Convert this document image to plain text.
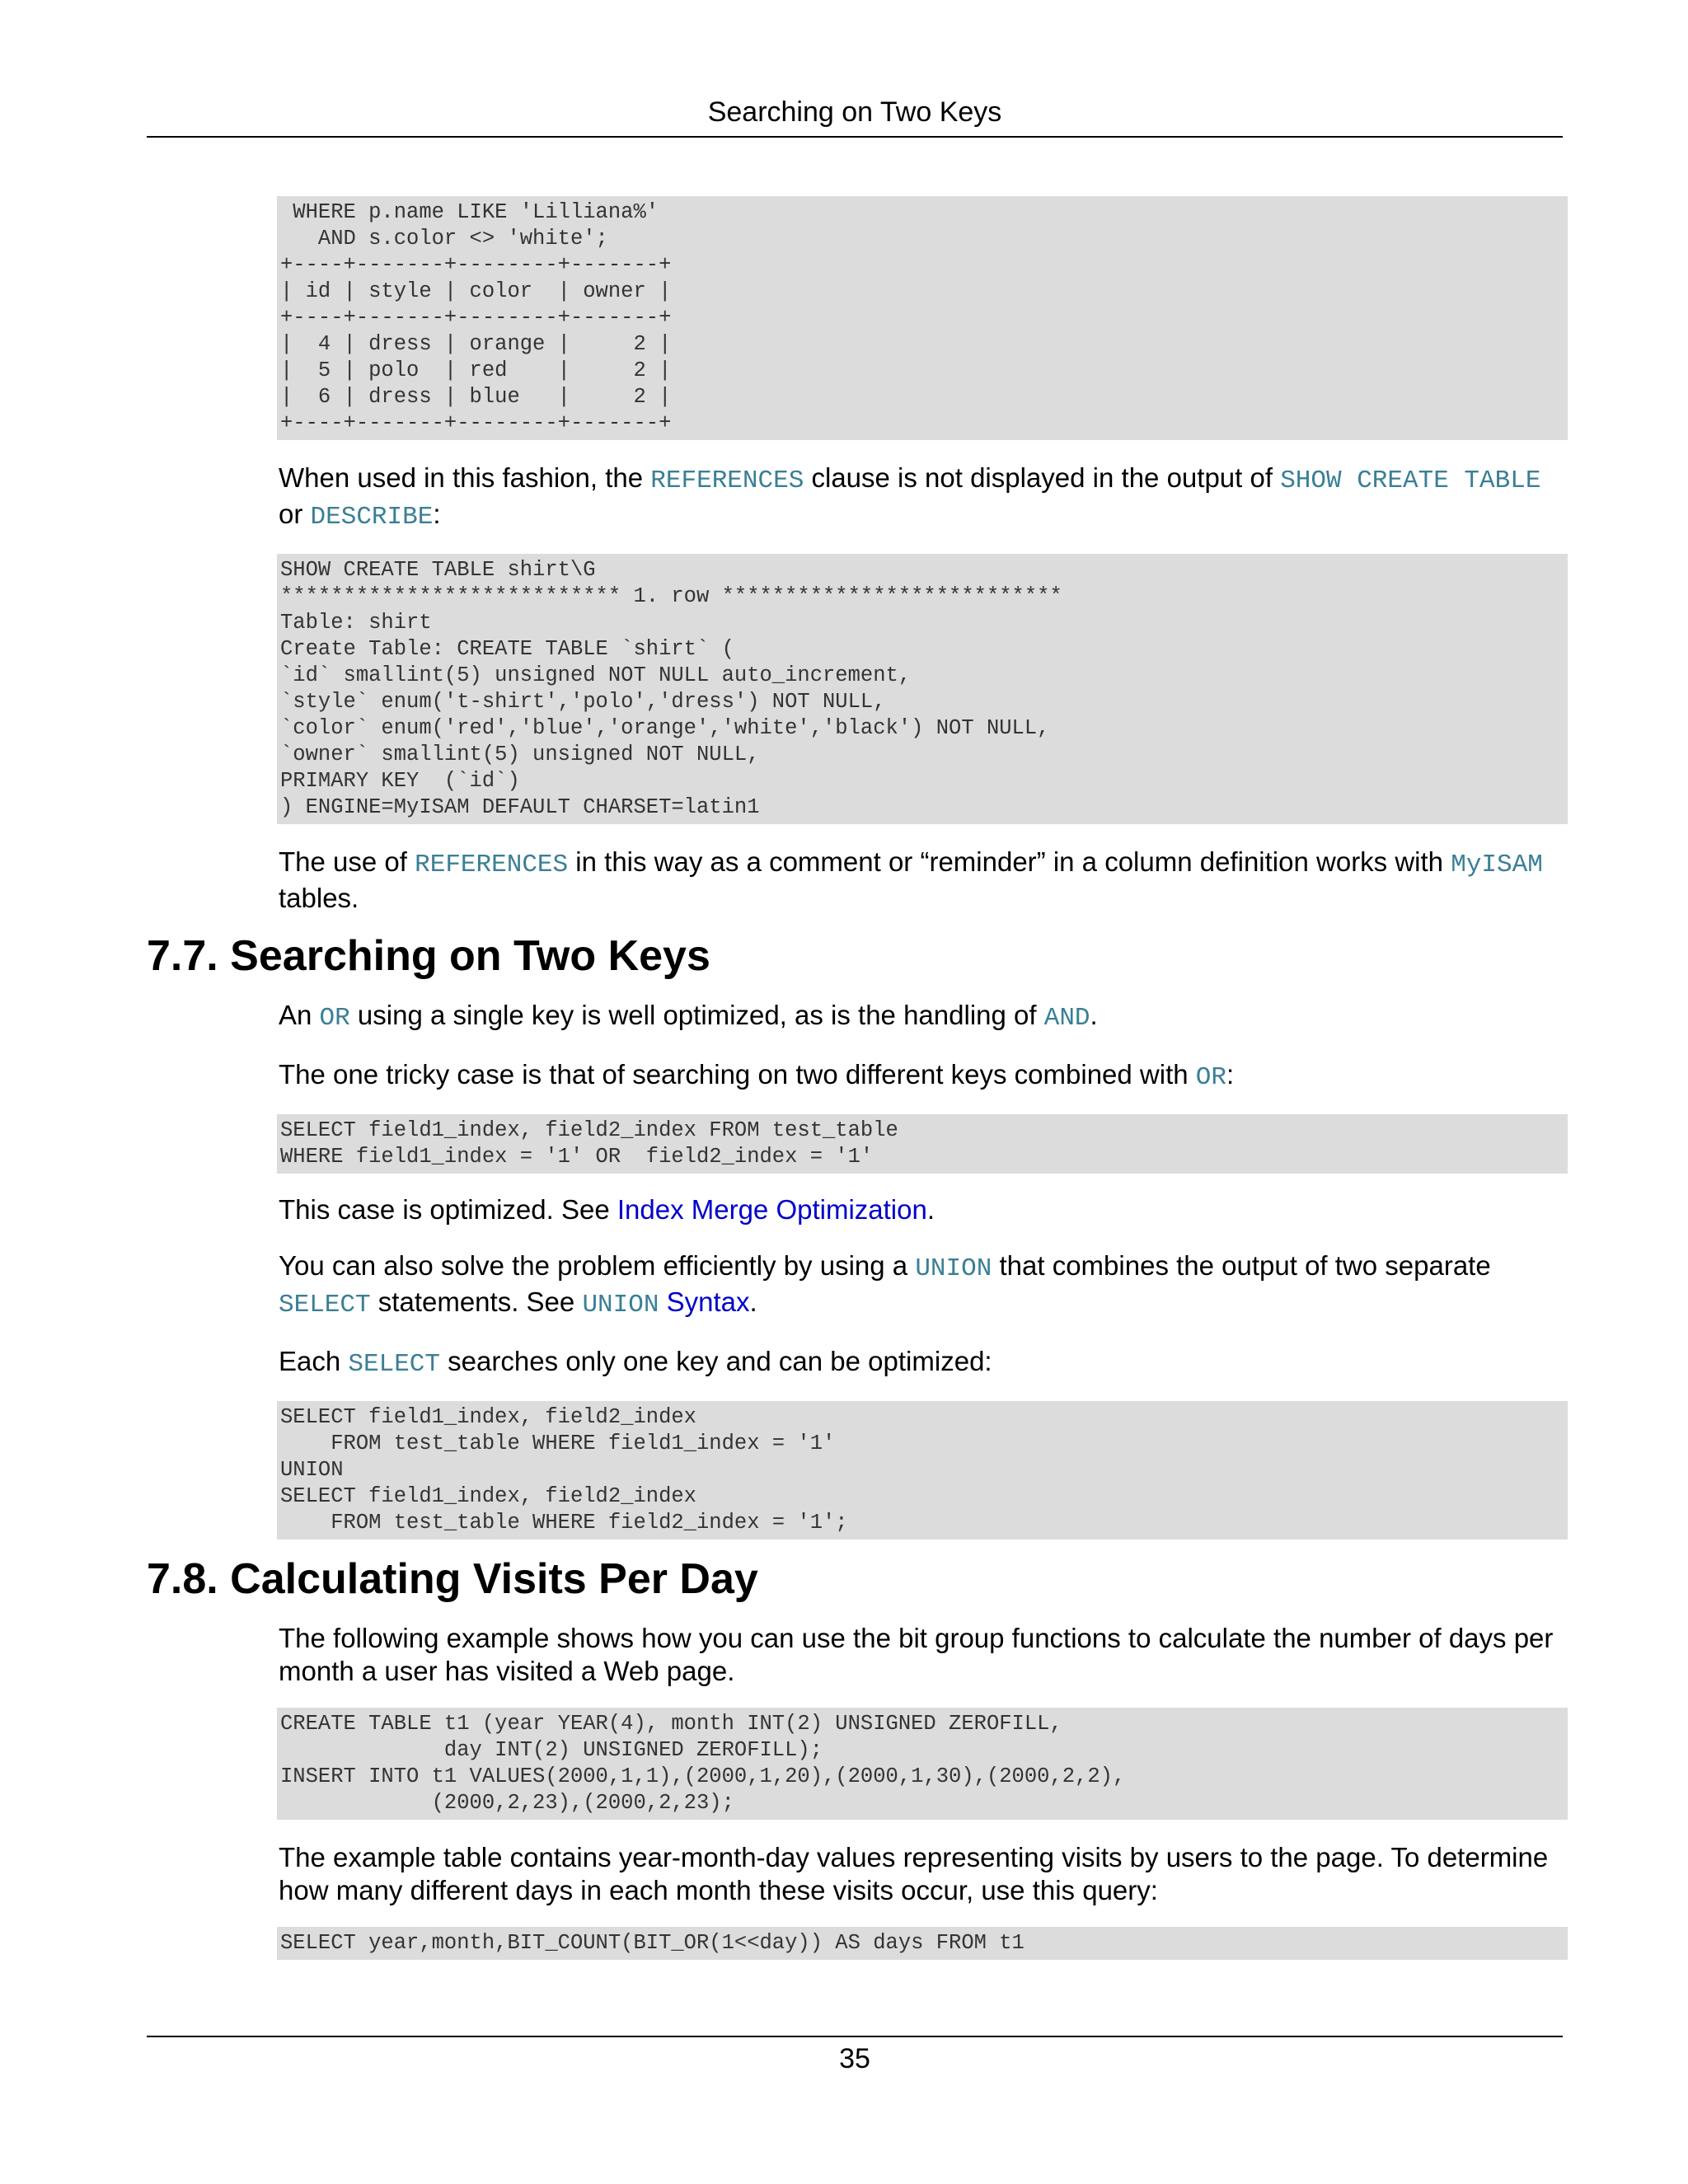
Searching on Two Keys
WHERE p.name LIKE 'Lilliana%'
AND s.color <> 'white';
+----+-------+--------+-------+
| id | style | color  | owner |
+----+-------+--------+-------+
|  4 | dress | orange |     2 |
|  5 | polo  | red    |     2 |
|  6 | dress | blue   |     2 |
+----+-------+--------+-------+

When used in this fashion, the REFERENCES clause is not displayed in the output of SHOW CREATE TABLE or DESCRIBE:

SHOW CREATE TABLE shirt\G
*************************** 1. row ***************************
Table: shirt
Create Table: CREATE TABLE `shirt` (
`id` smallint(5) unsigned NOT NULL auto_increment,
`style` enum('t-shirt','polo','dress') NOT NULL,
`color` enum('red','blue','orange','white','black') NOT NULL,
`owner` smallint(5) unsigned NOT NULL,
PRIMARY KEY  (`id`)
) ENGINE=MyISAM DEFAULT CHARSET=latin1

The use of REFERENCES in this way as a comment or “reminder” in a column definition works with MyISAM tables.

7.7. Searching on Two Keys

An OR using a single key is well optimized, as is the handling of AND.

The one tricky case is that of searching on two different keys combined with OR:

SELECT field1_index, field2_index FROM test_table
WHERE field1_index = '1' OR  field2_index = '1'

This case is optimized. See Index Merge Optimization.

You can also solve the problem efficiently by using a UNION that combines the output of two separate SELECT statements. See UNION Syntax.

Each SELECT searches only one key and can be optimized:

SELECT field1_index, field2_index
FROM test_table WHERE field1_index = '1'
UNION
SELECT field1_index, field2_index
FROM test_table WHERE field2_index = '1';
7.8. Calculating Visits Per Day

The following example shows how you can use the bit group functions to calculate the number of days per month a user has visited a Web page.

CREATE TABLE t1 (year YEAR(4), month INT(2) UNSIGNED ZEROFILL,
day INT(2) UNSIGNED ZEROFILL);
INSERT INTO t1 VALUES(2000,1,1),(2000,1,20),(2000,1,30),(2000,2,2),
(2000,2,23),(2000,2,23);

The example table contains year-month-day values representing visits by users to the page. To determine how many different days in each month these visits occur, use this query:

SELECT year,month,BIT_COUNT(BIT_OR(1<<day)) AS days FROM t1
35
